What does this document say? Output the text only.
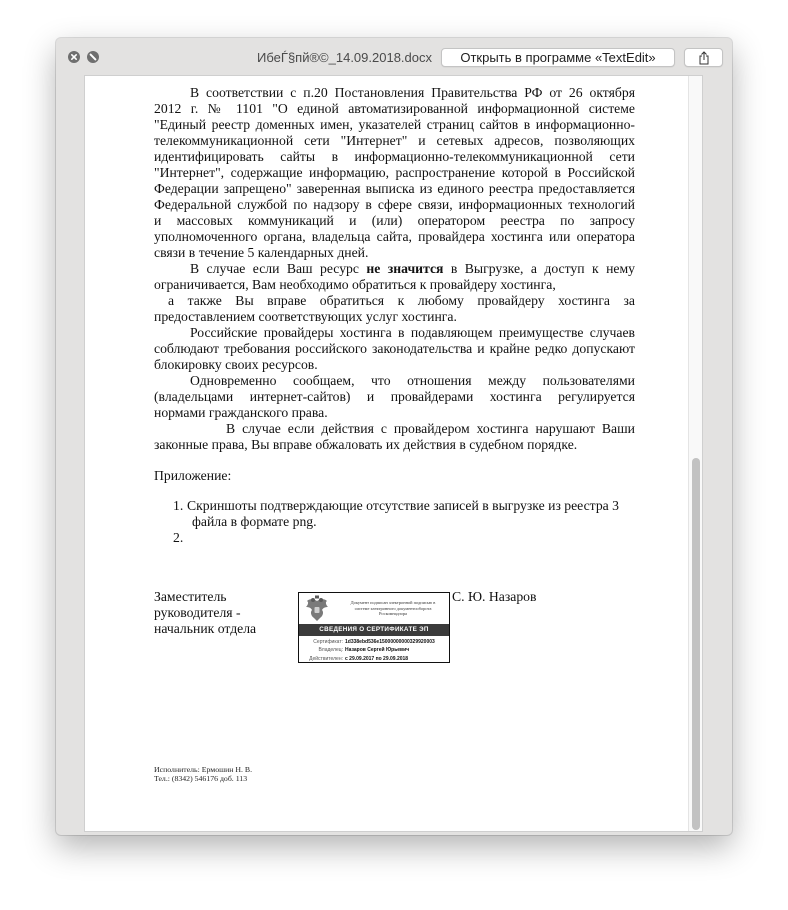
ИбеЃ§пй®©_14.09.2018.docx	Открыть в программе «TextEdit»
В соответствии с п.20 Постановления Правительства РФ от 26 октября
2012 г. № 1101 "О единой автоматизированной информационной системе
"Единый реестр доменных имен, указателей страниц сайтов в информационно-
телекоммуникационной сети "Интернет" и сетевых адресов, позволяющих
идентифицировать сайты в информационно-телекоммуникационной сети
"Интернет", содержащие информацию, распространение которой в Российской
Федерации запрещено" заверенная выписка из единого реестра предоставляется
Федеральной службой по надзору в сфере связи, информационных технологий
и массовых коммуникаций и (или) оператором реестра по запросу
уполномоченного органа, владельца сайта, провайдера хостинга или оператора
связи в течение 5 календарных дней.
В случае если Ваш ресурс не значится в Выгрузке, а доступ к нему
ограничивается, Вам необходимо обратиться к провайдеру хостинга,
а также Вы вправе обратиться к любому провайдеру хостинга за
предоставлением соответствующих услуг хостинга.
Российские провайдеры хостинга в подавляющем преимуществе случаев
соблюдают требования российского законодательства и крайне редко допускают
блокировку своих ресурсов.
Одновременно сообщаем, что отношения между пользователями
(владельцами интернет-сайтов) и провайдерами хостинга регулируется
нормами гражданского права.
В случае если действия с провайдером хостинга нарушают Ваши
законные права, Вы вправе обжаловать их действия в судебном порядке.
Приложение:
1. Скриншоты подтверждающие отсутствие записей в выгрузке из реестра 3
файла в формате png.
2.
Заместитель
руководителя -
начальник отдела
С. Ю. Назаров
Документ подписан электронной подписью в
системе электронного документооборота
Роскомнадзора
СВЕДЕНИЯ О СЕРТИФИКАТЕ ЭП
Сертификат: 1d338ebd536e15000000000329920003
Владелец: Назаров Сергей Юрьевич
Действителен: с 29.09.2017 по 29.09.2018
Исполнитель: Ермошин Н. В.
Тел.: (8342) 546176 доб. 113
